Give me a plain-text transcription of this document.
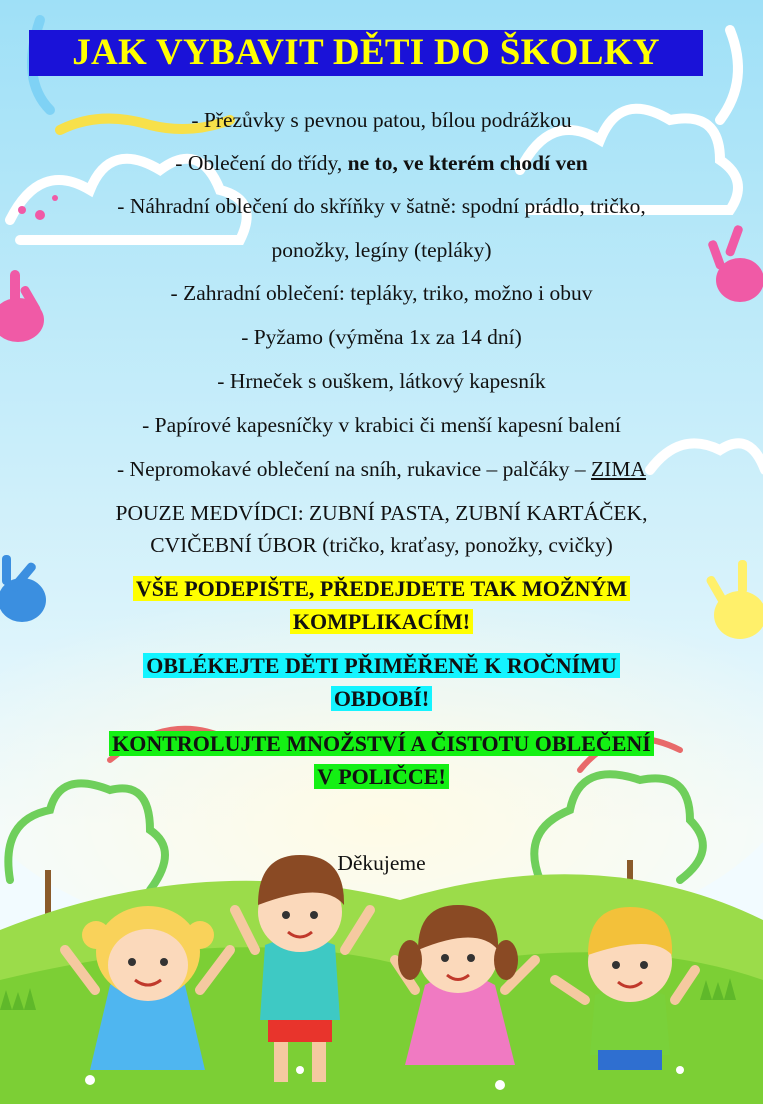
JAK VYBAVIT DĚTI DO ŠKOLKY
- Přezůvky s pevnou patou, bílou podrážkou
- Oblečení do třídy, ne to, ve kterém chodí ven
- Náhradní oblečení do skříňky v šatně: spodní prádlo, tričko,
ponožky, legíny (tepláky)
- Zahradní oblečení: tepláky, triko, možno i obuv
- Pyžamo (výměna 1x za 14 dní)
- Hrneček s ouškem, látkový kapesník
- Papírové kapesníčky v krabici či menší kapesní balení
- Nepromokavé oblečení na sníh, rukavice – palčáky – ZIMA
POUZE MEDVÍDCI: ZUBNÍ PASTA, ZUBNÍ KARTÁČEK,
CVIČEBNÍ ÚBOR (tričko, kraťasy, ponožky, cvičky)
VŠE PODEPIŠTE, PŘEDEJDETE TAK MOŽNÝM
KOMPLIKACÍM!
OBLÉKEJTE DĚTI PŘIMĚŘENĚ K ROČNÍMU
OBDOBÍ!
KONTROLUJTE MNOŽSTVÍ A ČISTOTU OBLEČENÍ
V POLIČCE!
Děkujeme
